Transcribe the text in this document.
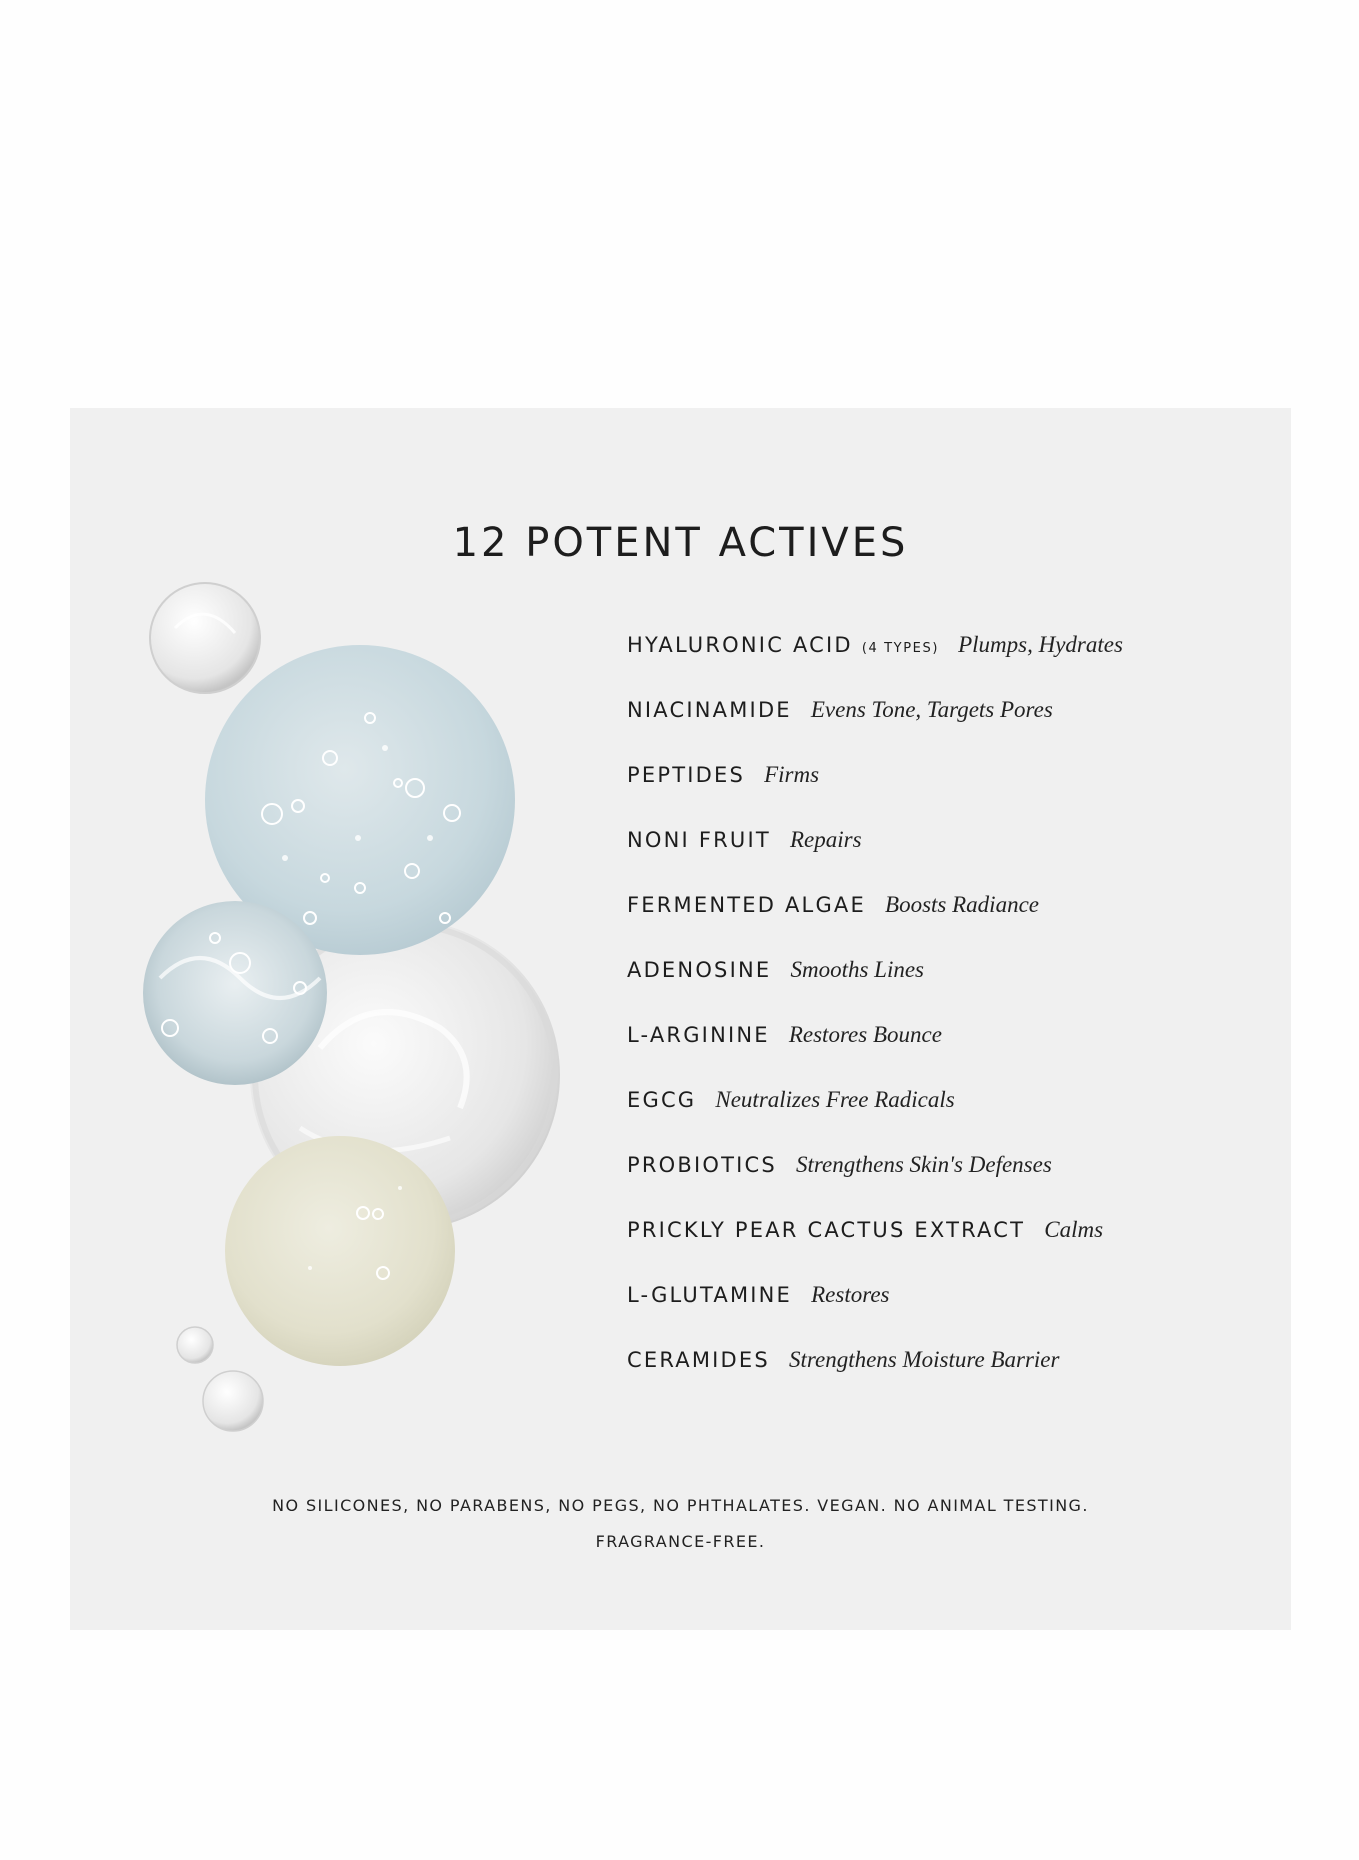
12 POTENT ACTIVES
HYALURONIC ACID (4 TYPES) Plumps, Hydrates
NIACINAMIDE Evens Tone, Targets Pores
PEPTIDES Firms
NONI FRUIT Repairs
FERMENTED ALGAE Boosts Radiance
ADENOSINE Smooths Lines
L-ARGININE Restores Bounce
EGCG Neutralizes Free Radicals
PROBIOTICS Strengthens Skin's Defenses
PRICKLY PEAR CACTUS EXTRACT Calms
L-GLUTAMINE Restores
CERAMIDES Strengthens Moisture Barrier
NO SILICONES, NO PARABENS, NO PEGS, NO PHTHALATES. VEGAN. NO ANIMAL TESTING.
FRAGRANCE-FREE.
